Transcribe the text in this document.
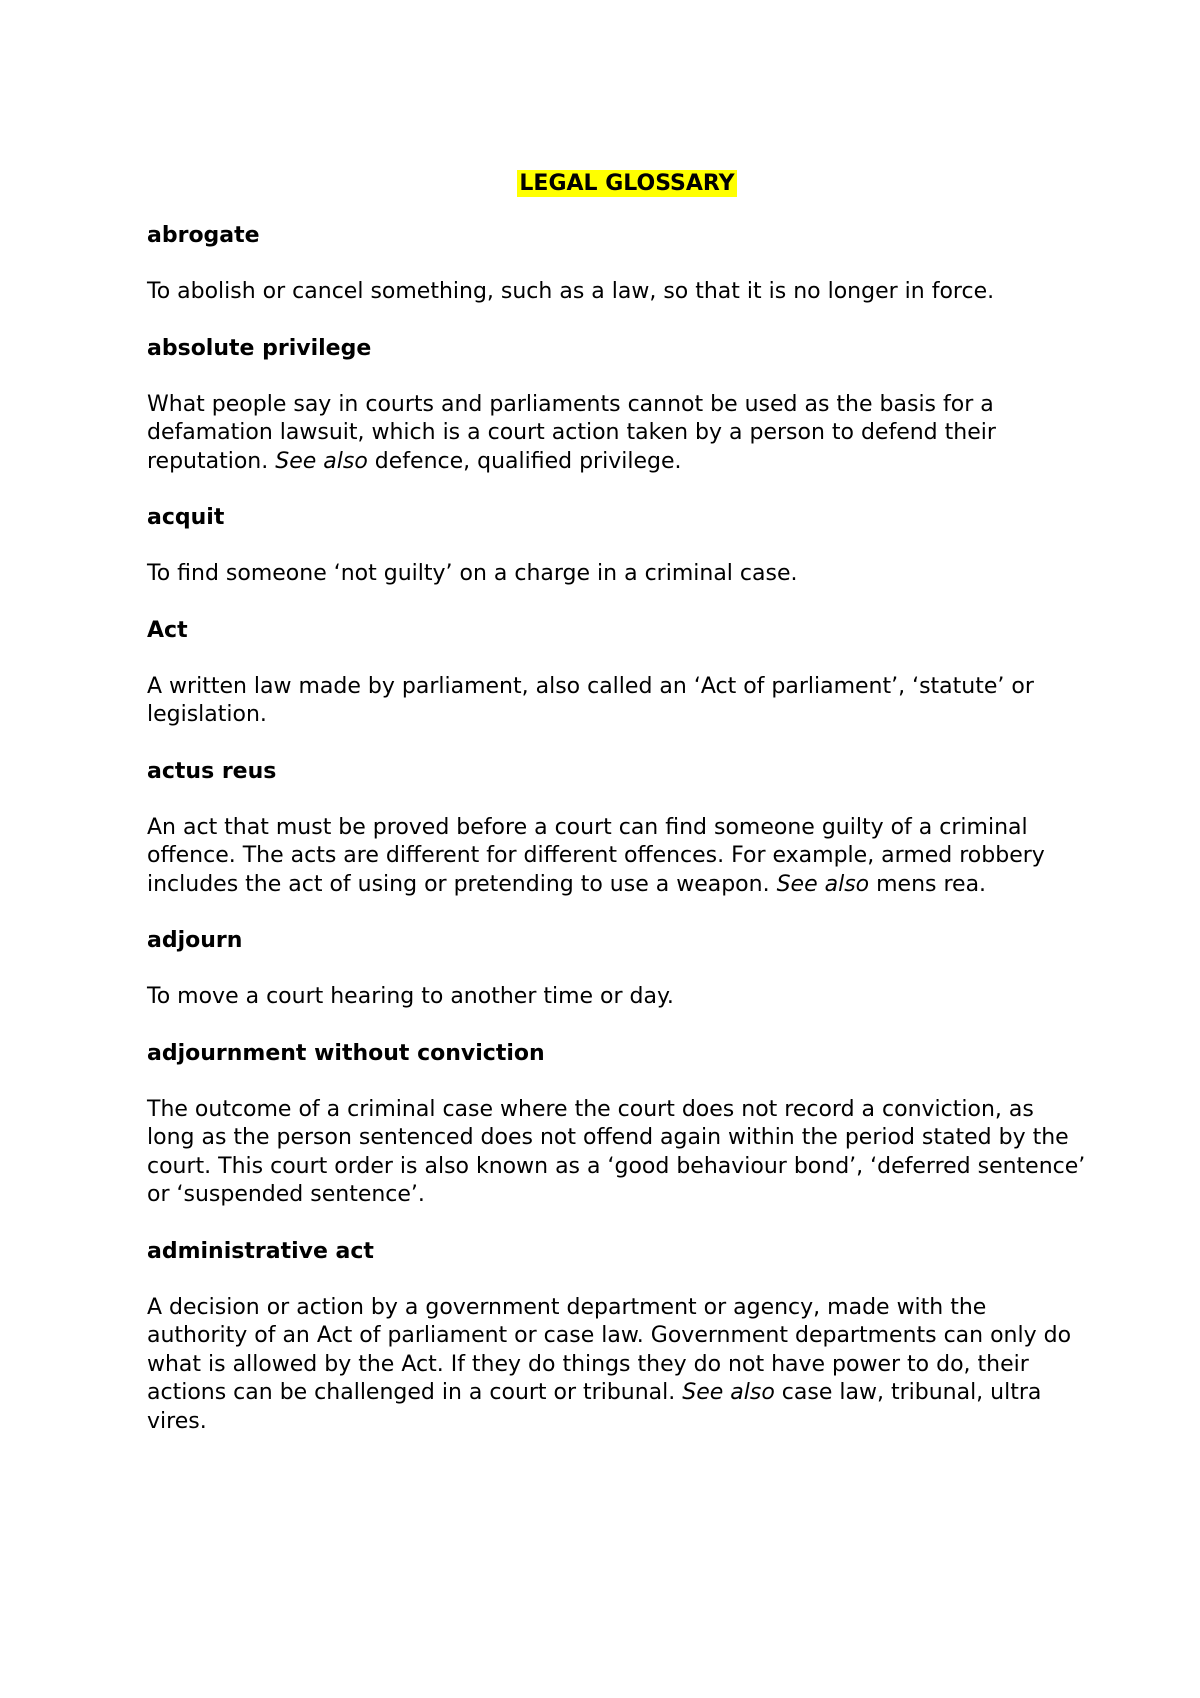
LEGAL GLOSSARY
abrogate
To abolish or cancel something, such as a law, so that it is no longer in force.
absolute privilege
What people say in courts and parliaments cannot be used as the basis for a defamation lawsuit, which is a court action taken by a person to defend their reputation. See also defence, qualified privilege.
acquit
To find someone ‘not guilty’ on a charge in a criminal case.
Act
A written law made by parliament, also called an ‘Act of parliament’, ‘statute’ or legislation.
actus reus
An act that must be proved before a court can find someone guilty of a criminal offence. The acts are different for different offences. For example, armed robbery includes the act of using or pretending to use a weapon. See also mens rea.
adjourn
To move a court hearing to another time or day.
adjournment without conviction
The outcome of a criminal case where the court does not record a conviction, as long as the person sentenced does not offend again within the period stated by the court. This court order is also known as a ‘good behaviour bond’, ‘deferred sentence’ or ‘suspended sentence’.
administrative act
A decision or action by a government department or agency, made with the authority of an Act of parliament or case law. Government departments can only do what is allowed by the Act. If they do things they do not have power to do, their actions can be challenged in a court or tribunal. See also case law, tribunal, ultra vires.
